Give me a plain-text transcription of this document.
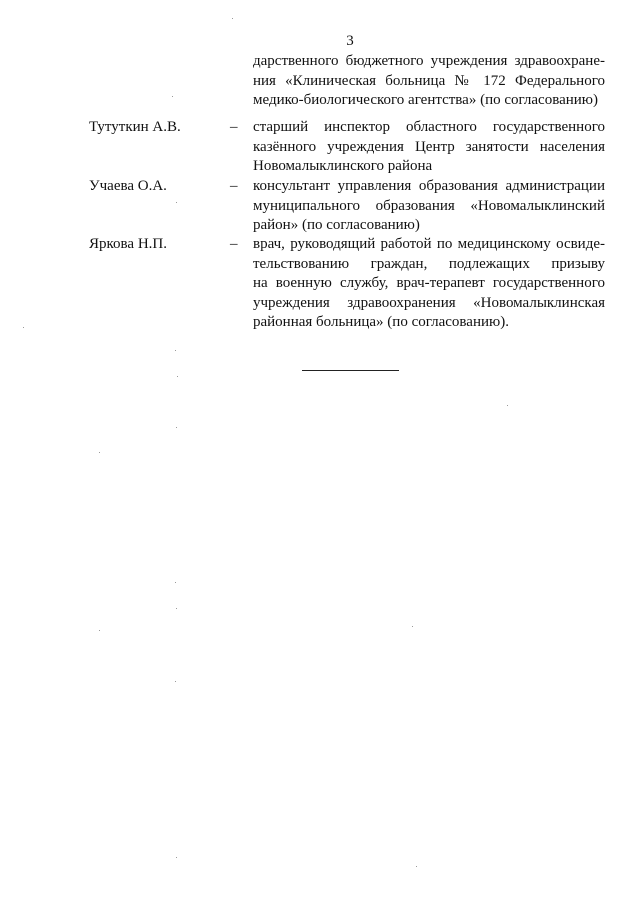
3
дарственного бюджетного учреждения здравоохране-
ния «Клиническая больница № 172 Федерального
медико-биологического агентства» (по согласованию)
Тутуткин А.В.	– старший инспектор областного государственного
казённого учреждения Центр занятости населения
Новомалыклинского района
Учаева О.А.	– консультант управления образования администрации
муниципального образования «Новомалыклинский
район» (по согласованию)
Яркова Н.П.	– врач, руководящий работой по медицинскому освиде-
тельствованию граждан, подлежащих призыву
на военную службу, врач-терапевт государственного
учреждения здравоохранения «Новомалыклинская
районная больница» (по согласованию).
